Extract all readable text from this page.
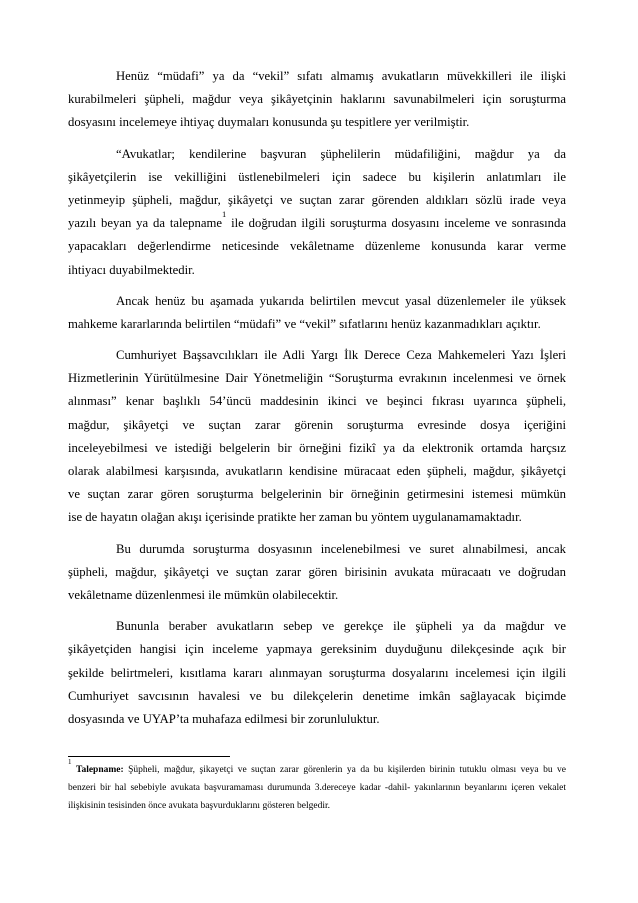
Henüz “müdafi” ya da “vekil” sıfatı almamış avukatların müvekkilleri ile ilişki
kurabilmeleri şüpheli, mağdur veya şikâyetçinin haklarını savunabilmeleri için soruşturma
dosyasını incelemeye ihtiyaç duymaları konusunda şu tespitlere yer verilmiştir.
“Avukatlar; kendilerine başvuran şüphelilerin müdafiliğini, mağdur ya da
şikâyetçilerin ise vekilliğini üstlenebilmeleri için sadece bu kişilerin anlatımları ile
yetinmeyip şüpheli, mağdur, şikâyetçi ve suçtan zarar görenden aldıkları sözlü irade veya
yazılı beyan ya da talepname$^1$ ile doğrudan ilgili soruşturma dosyasını inceleme ve sonrasında
yapacakları değerlendirme neticesinde vekâletname düzenleme konusunda karar verme
ihtiyacı duyabilmektedir.
Ancak henüz bu aşamada yukarıda belirtilen mevcut yasal düzenlemeler ile yüksek
mahkeme kararlarında belirtilen “müdafi” ve “vekil” sıfatlarını henüz kazanmadıkları açıktır.
Cumhuriyet Başsavcılıkları ile Adli Yargı İlk Derece Ceza Mahkemeleri Yazı İşleri
Hizmetlerinin Yürütülmesine Dair Yönetmeliğin “Soruşturma evrakının incelenmesi ve örnek
alınması” kenar başlıklı 54’üncü maddesinin ikinci ve beşinci fıkrası uyarınca şüpheli,
mağdur, şikâyetçi ve suçtan zarar görenin soruşturma evresinde dosya içeriğini
inceleyebilmesi ve istediği belgelerin bir örneğini fizikî ya da elektronik ortamda harçsız
olarak alabilmesi karşısında, avukatların kendisine müracaat eden şüpheli, mağdur, şikâyetçi
ve suçtan zarar gören soruşturma belgelerinin bir örneğinin getirmesini istemesi mümkün
ise de hayatın olağan akışı içerisinde pratikte her zaman bu yöntem uygulanamamaktadır.
Bu durumda soruşturma dosyasının incelenebilmesi ve suret alınabilmesi, ancak
şüpheli, mağdur, şikâyetçi ve suçtan zarar gören birisinin avukata müracaatı ve doğrudan
vekâletname düzenlenmesi ile mümkün olabilecektir.
Bununla beraber avukatların sebep ve gerekçe ile şüpheli ya da mağdur ve
şikâyetçiden hangisi için inceleme yapmaya gereksinim duyduğunu dilekçesinde açık bir
şekilde belirtmeleri, kısıtlama kararı alınmayan soruşturma dosyalarını incelemesi için ilgili
Cumhuriyet savcısının havalesi ve bu dilekçelerin denetime imkân sağlayacak biçimde
dosyasında ve UYAP’ta muhafaza edilmesi bir zorunluluktur.
$^1$ Talepname: Şüpheli, mağdur, şikayetçi ve suçtan zarar görenlerin ya da bu kişilerden birinin tutuklu olması veya bu ve
benzeri bir hal sebebiyle avukata başvuramaması durumunda 3.dereceye kadar -dahil- yakınlarının beyanlarını içeren vekalet
ilişkisinin tesisinden önce avukata başvurduklarını gösteren belgedir.
